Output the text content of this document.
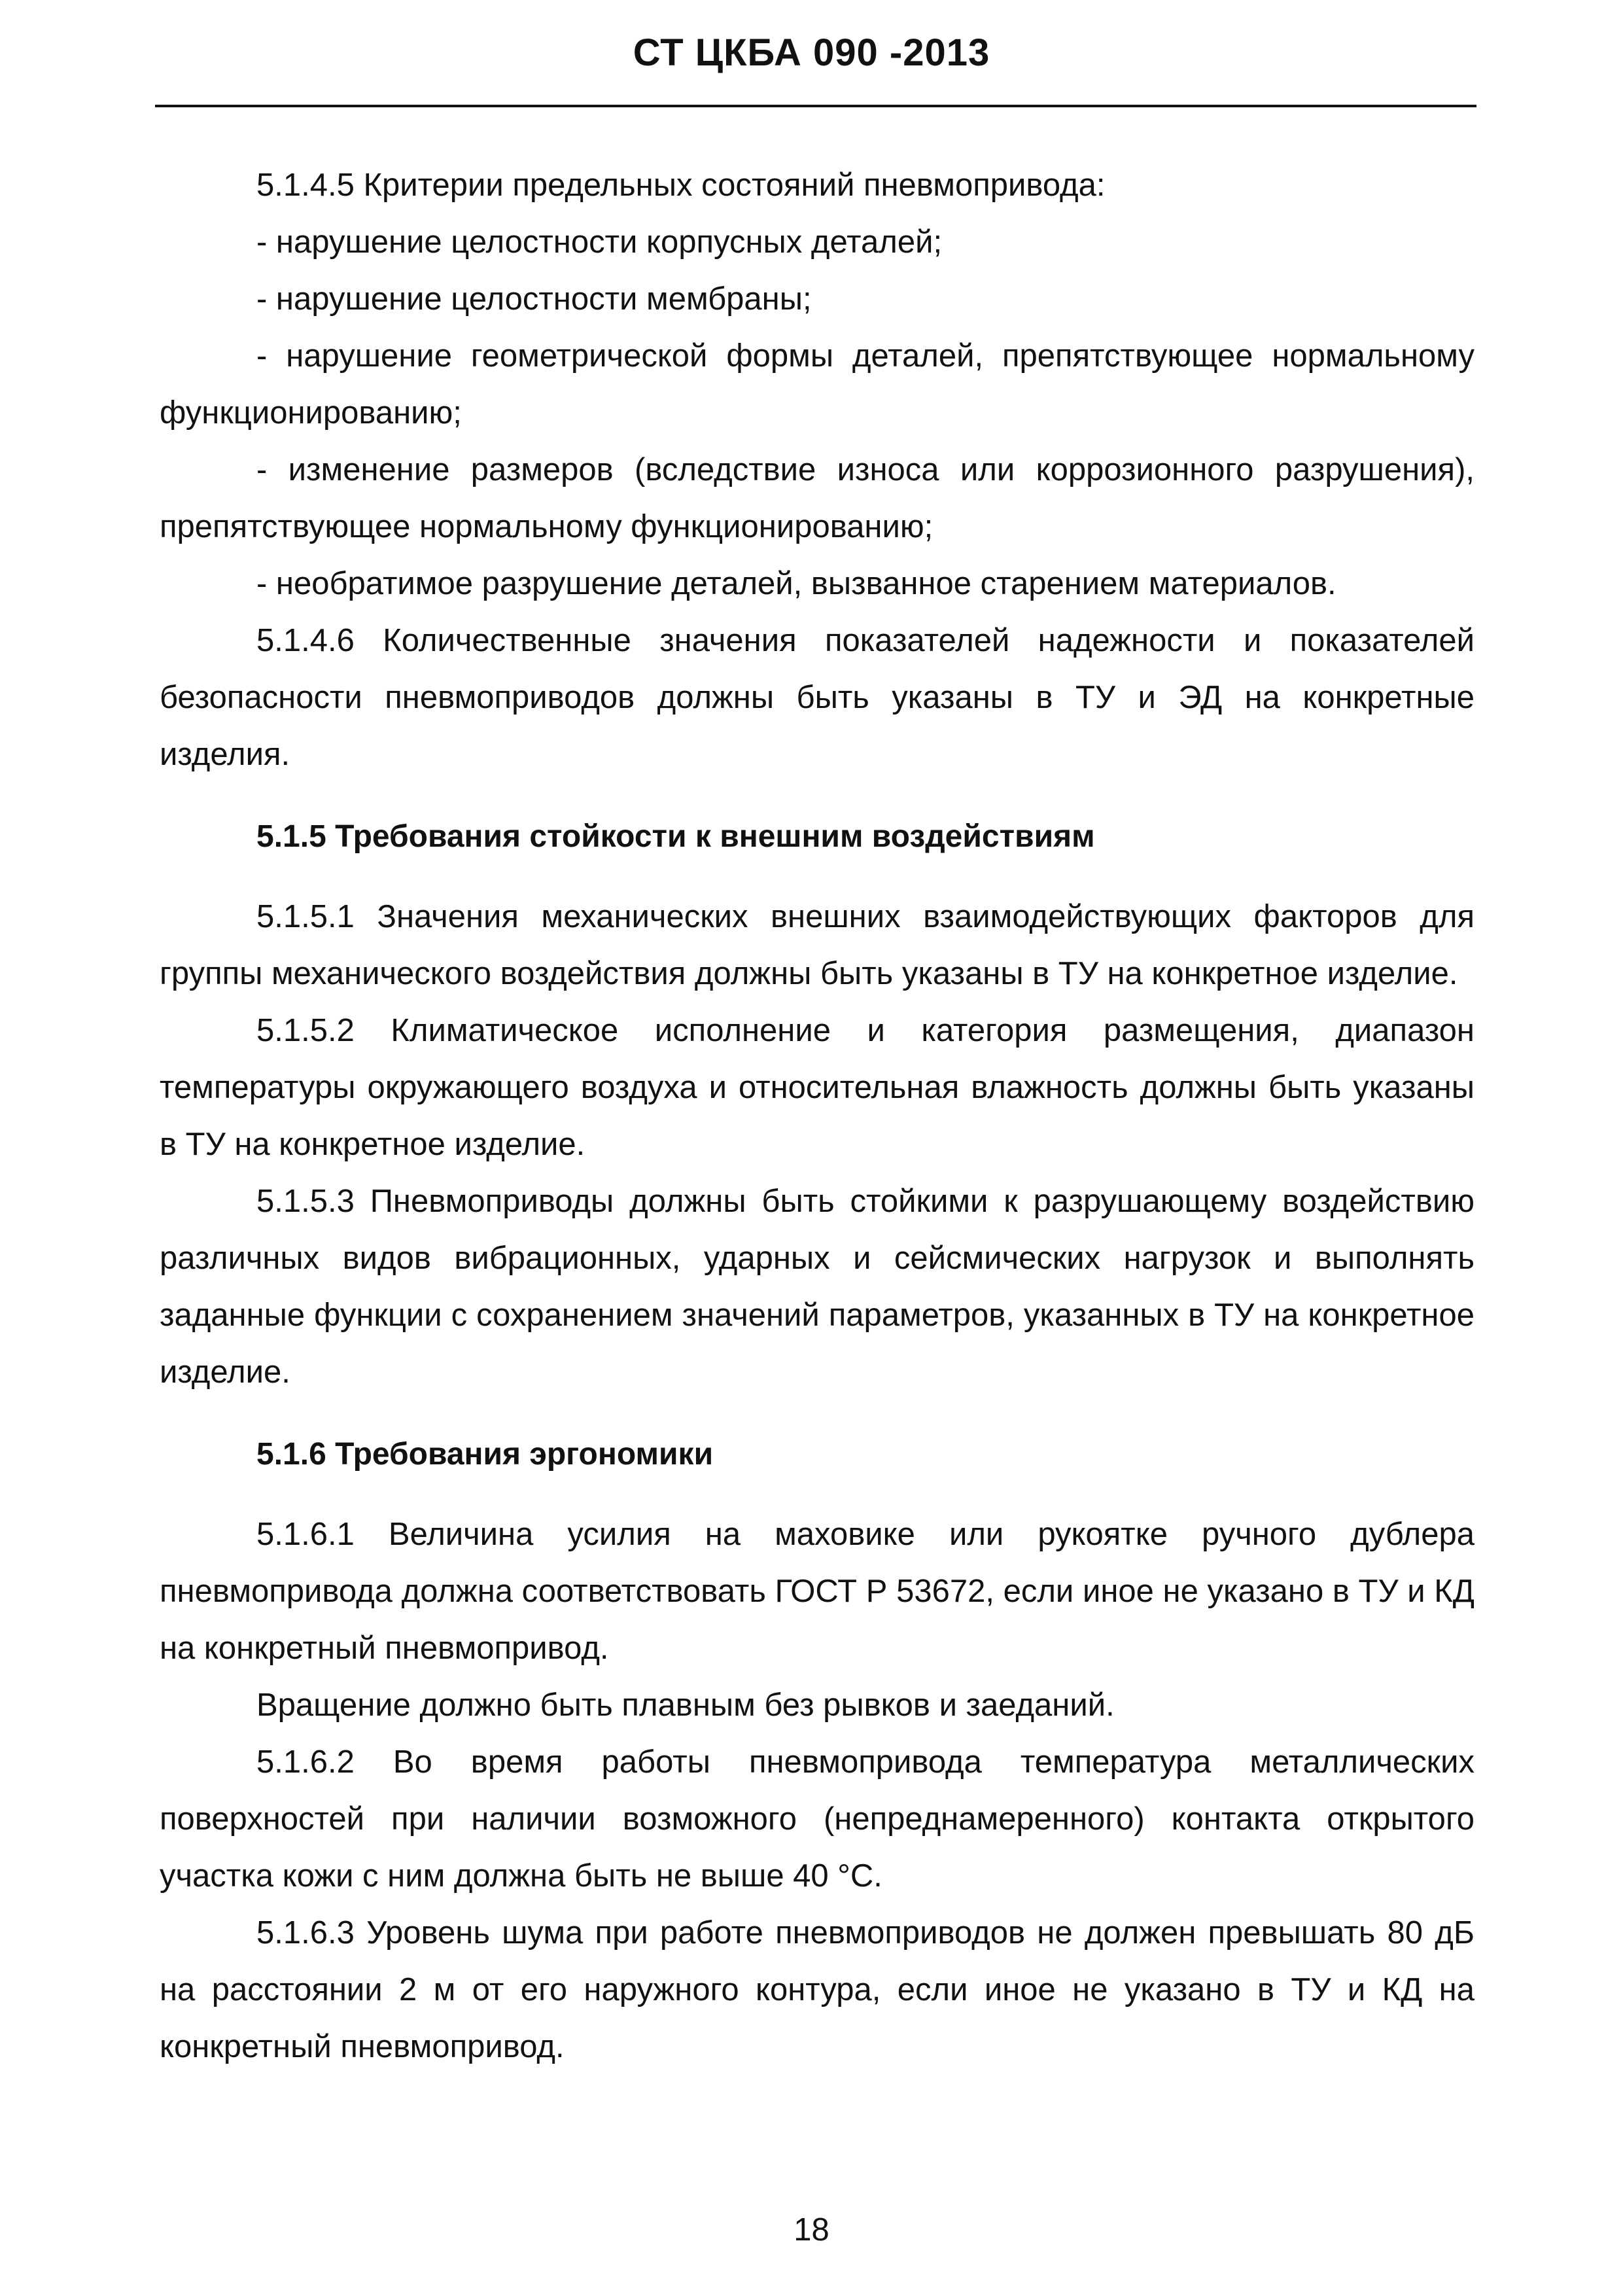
СТ ЦКБА 090 -2013

5.1.4.5 Критерии предельных состояний пневмопривода:

- нарушение целостности корпусных деталей;

- нарушение целостности мембраны;

- нарушение геометрической формы деталей, препятствующее нормальному функционированию;

- изменение размеров (вследствие износа или коррозионного разрушения), препятствующее нормальному функционированию;

- необратимое разрушение деталей, вызванное старением материалов.

5.1.4.6 Количественные значения показателей надежности и показателей безопасности пневмоприводов должны быть указаны в ТУ и ЭД на конкретные изделия.

5.1.5 Требования стойкости к внешним воздействиям

5.1.5.1 Значения механических внешних взаимодействующих факторов для группы механического воздействия должны быть указаны в ТУ на конкретное изделие.

5.1.5.2 Климатическое исполнение и категория размещения, диапазон температуры окружающего воздуха и относительная влажность должны быть указаны в ТУ на конкретное изделие.

5.1.5.3 Пневмоприводы должны быть стойкими к разрушающему воздействию различных видов вибрационных, ударных и сейсмических нагрузок и выполнять заданные функции с сохранением значений параметров, указанных в ТУ на конкретное изделие.

5.1.6 Требования эргономики

5.1.6.1 Величина усилия на маховике или рукоятке ручного дублера пневмопривода должна соответствовать ГОСТ Р 53672, если иное не указано в ТУ и КД на конкретный пневмопривод.

Вращение должно быть плавным без рывков и заеданий.

5.1.6.2 Во время работы пневмопривода температура металлических поверхностей при наличии возможного (непреднамеренного) контакта открытого участка кожи с ним должна быть не выше 40 °С.

5.1.6.3 Уровень шума при работе пневмоприводов не должен превышать 80 дБ на расстоянии 2 м от его наружного контура, если иное не указано в ТУ и КД на конкретный пневмопривод.

18
